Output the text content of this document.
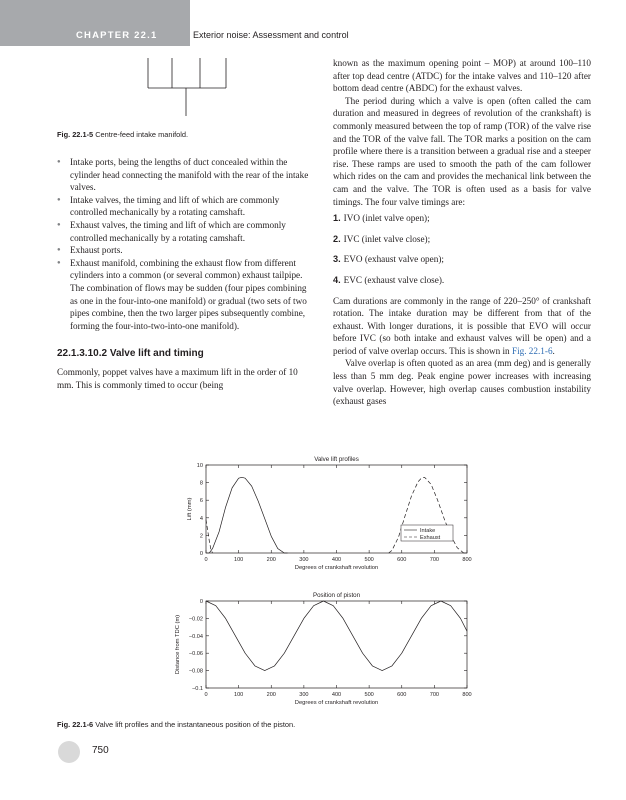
CHAPTER 22.1	Exterior noise: Assessment and control
Fig. 22.1-5 Centre-feed intake manifold.
● Intake ports, being the lengths of duct concealed within the cylinder head connecting the manifold with the rear of the intake valves.
● Intake valves, the timing and lift of which are commonly controlled mechanically by a rotating camshaft.
● Exhaust valves, the timing and lift of which are commonly controlled mechanically by a rotating camshaft.
● Exhaust ports.
● Exhaust manifold, combining the exhaust flow from different cylinders into a common (or several common) exhaust tailpipe. The combination of flows may be sudden (four pipes combining as one in the four-into-one manifold) or gradual (two sets of two pipes combine, then the two larger pipes subsequently combine, forming the four-into-two-into-one manifold).
22.1.3.10.2 Valve lift and timing

Commonly, poppet valves have a maximum lift in the order of 10 mm. This is commonly timed to occur (being

known as the maximum opening point – MOP) at around 100–110 after top dead centre (ATDC) for the intake valves and 110–120 after bottom dead centre (ABDC) for the exhaust valves.

The period during which a valve is open (often called the cam duration and measured in degrees of revolution of the crankshaft) is commonly measured between the top of ramp (TOR) of the valve rise and the TOR of the valve fall. The TOR marks a position on the cam profile where there is a transition between a gradual rise and a steeper rise. These ramps are used to smooth the path of the cam follower which rides on the cam and provides the mechanical link between the cam and the valve. The TOR is often used as a basis for valve timings. The four valve timings are:

1. IVO (inlet valve open);
2. IVC (inlet valve close);
3. EVO (exhaust valve open);
4. EVC (exhaust valve close).

Cam durations are commonly in the range of 220–250° of crankshaft rotation. The intake duration may be different from that of the exhaust. With longer durations, it is possible that EVO will occur before IVC (so both intake and exhaust valves will be open) and a period of valve overlap occurs. This is shown in Fig. 22.1-6.

Valve overlap is often quoted as an area (mm deg) and is generally less than 5 mm deg. Peak engine power increases with increasing valve overlap. However, high overlap causes combustion instability (exhaust gases

Valve lift profiles
0	100	200	300	400	500	600	700	800
0
2
4
6
8
10
Degrees of crankshaft revolution
Lift (mm)
Intake
Exhaust
Position of piston
0	100	200	300	400	500	600	700	800
0
−0.02
−0.04
−0.06
−0.08
−0.1
Degrees of crankshaft revolution
Distance from TDC (m)
Fig. 22.1-6 Valve lift profiles and the instantaneous position of the piston.
750
